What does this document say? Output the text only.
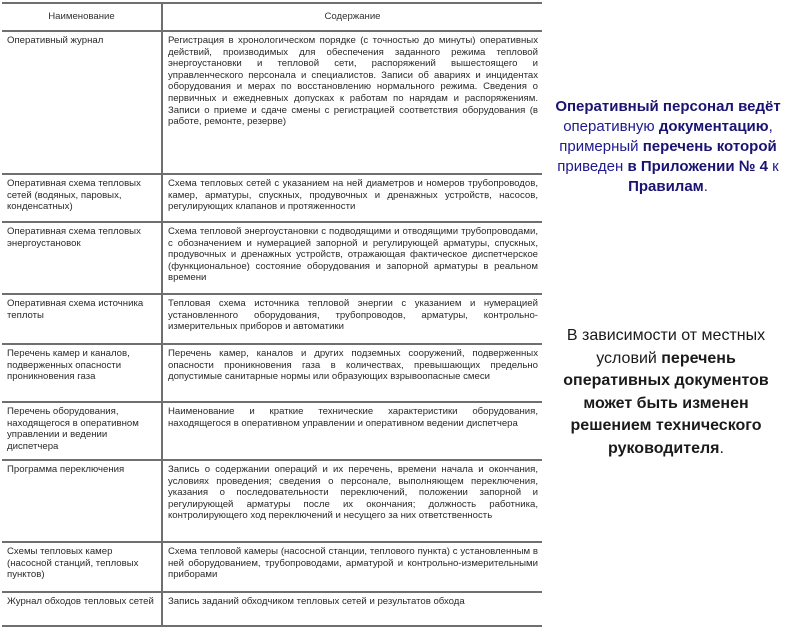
Наименование	Содержание
Оперативный журнал	Регистрация в хронологическом порядке (с точностью до минуты) оперативных действий, производимых для обеспечения заданного режима тепловой энергоустановки и тепловой сети, распоряжений вышестоящего и управленческого персонала и специалистов. Записи об авариях и инцидентах оборудования и мерах по восстановлению нормального режима. Сведения о первичных и ежедневных допусках к работам по нарядам и распоряжениям. Записи о приеме и сдаче смены с регистрацией соответствия оборудования (в работе, ремонте, резерве)
Оперативная схема тепловых сетей (водяных, паровых, конденсатных)	Схема тепловых сетей с указанием на ней диаметров и номеров трубопроводов, камер, арматуры, спускных, продувочных и дренажных устройств, насосов, регулирующих клапанов и протяженности
Оперативная схема тепловых энергоустановок	Схема тепловой энергоустановки с подводящими и отводящими трубопроводами, с обозначением и нумерацией запорной и регулирующей арматуры, спускных, продувочных и дренажных устройств, отражающая фактическое диспетчерское (функциональное) состояние оборудования и запорной арматуры в реальном времени
Оперативная схема источника теплоты	Тепловая схема источника тепловой энергии с указанием и нумерацией установленного оборудования, трубопроводов, арматуры, контрольно-измерительных приборов и автоматики
Перечень камер и каналов, подверженных опасности проникновения газа	Перечень камер, каналов и других подземных сооружений, подверженных опасности проникновения газа в количествах, превышающих предельно допустимые санитарные нормы или образующих взрывоопасные смеси
Перечень оборудования, находящегося в оперативном управлении и ведении диспетчера	Наименование и краткие технические характеристики оборудования, находящегося в оперативном управлении и оперативном ведении диспетчера
Программа переключения	Запись о содержании операций и их перечень, времени начала и окончания, условиях проведения; сведения о персонале, выполняющем переключения, указания о последовательности переключений, положении запорной и регулирующей арматуры после их окончания; должность работника, контролирующего ход переключений и несущего за них ответственность
Схемы тепловых камер (насосной станций, тепловых пунктов)	Схема тепловой камеры (насосной станции, теплового пункта) с установленным в ней оборудованием, трубопроводами, арматурой и контрольно-измерительными приборами
Журнал обходов тепловых сетей	Запись заданий обходчиком тепловых сетей и результатов обхода
Оперативный персонал ведёт оперативную документацию, примерный перечень которой приведен в Приложении № 4 к Правилам.
В зависимости от местных условий перечень оперативных документов может быть изменен решением технического руководителя.
